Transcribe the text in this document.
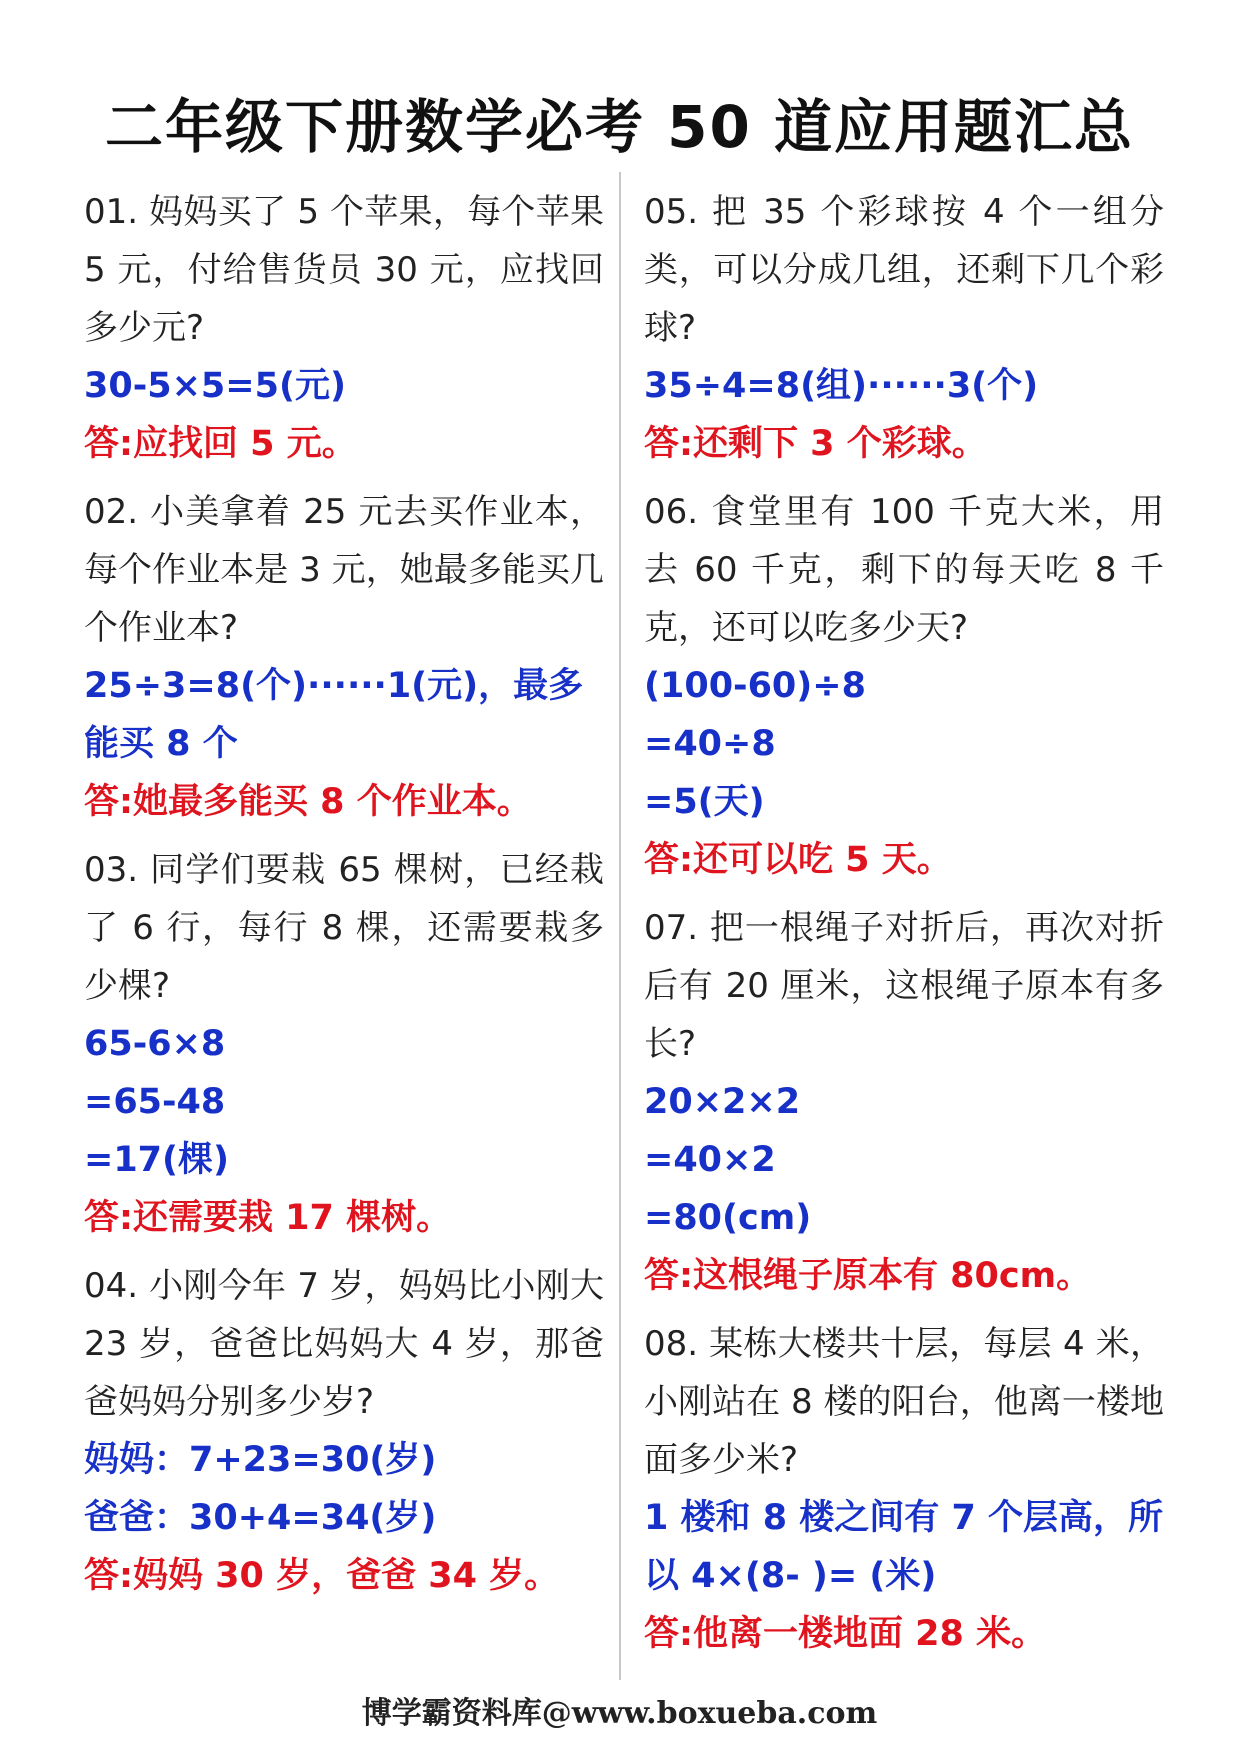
二年级下册数学必考 50 道应用题汇总
01. 妈妈买了 5 个苹果，每个苹果 5 元，付给售货员 30 元，应找回多少元?
30-5×5=5(元)
答:应找回 5 元。
02. 小美拿着 25 元去买作业本，每个作业本是 3 元，她最多能买几个作业本?
25÷3=8(个)······1(元)，最多能买 8 个
答:她最多能买 8 个作业本。
03. 同学们要栽 65 棵树，已经栽了 6 行，每行 8 棵，还需要栽多少棵?
65-6×8
=65-48
=17(棵)
答:还需要栽 17 棵树。
04. 小刚今年 7 岁，妈妈比小刚大 23 岁，爸爸比妈妈大 4 岁，那爸爸妈妈分别多少岁?
妈妈：7+23=30(岁)
爸爸：30+4=34(岁)
答:妈妈 30 岁，爸爸 34 岁。
05. 把 35 个彩球按 4 个一组分类，可以分成几组，还剩下几个彩球?
35÷4=8(组)······3(个)
答:还剩下 3 个彩球。
06. 食堂里有 100 千克大米，用去 60 千克，剩下的每天吃 8 千克，还可以吃多少天?
(100-60)÷8
=40÷8
=5(天)
答:还可以吃 5 天。
07. 把一根绳子对折后，再次对折后有 20 厘米，这根绳子原本有多长?
20×2×2
=40×2
=80(cm)
答:这根绳子原本有 80cm。
08. 某栋大楼共十层，每层 4 米，小刚站在 8 楼的阳台，他离一楼地面多少米?
1 楼和 8 楼之间有 7 个层高，所以 4×(8- )= (米)
答:他离一楼地面 28 米。
博学霸资料库@www.boxueba.com
